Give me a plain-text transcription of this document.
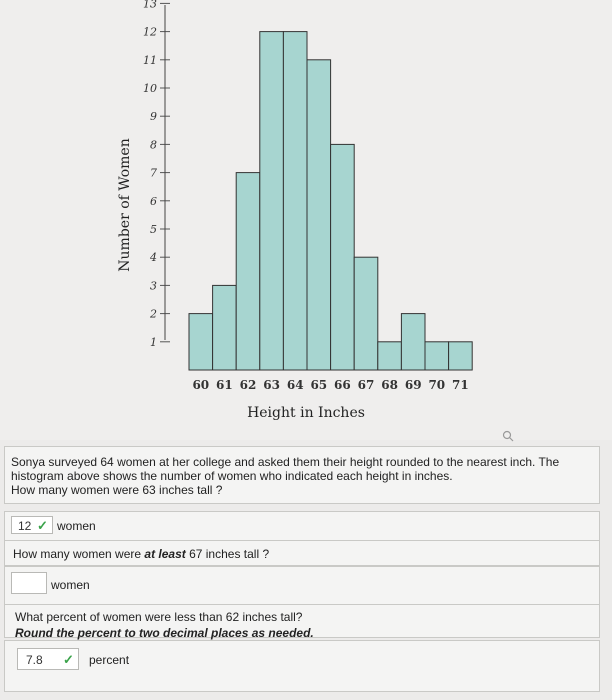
1
2
3
4
5
6
7
8
9
10
11
12
13
60 61 62 63 64 65 66 67 68 69 70 71
Number of Women
Height in Inches
Sonya surveyed 64 women at her college and asked them their height rounded to the nearest inch. The histogram above shows the number of women who indicated each height in inches.
How many women were 63 inches tall ?
12 ✓ women
How many women were at least 67 inches tall ?
women
What percent of women were less than 62 inches tall?
Round the percent to two decimal places as needed.
7.8 ✓ percent
